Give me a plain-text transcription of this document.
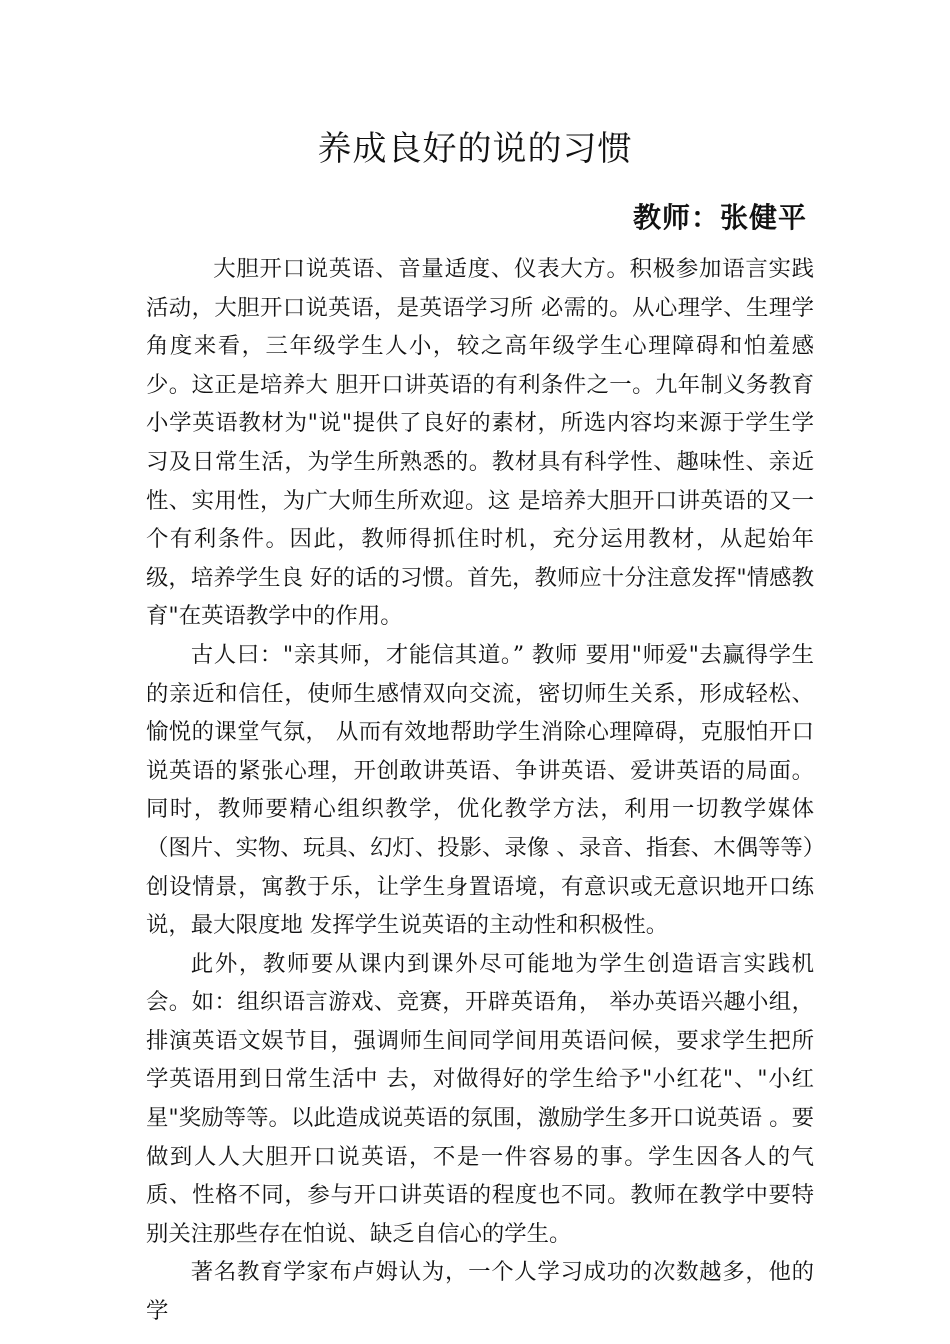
养成良好的说的习惯
教师：张健平

大胆开口说英语、音量适度、仪表大方。积极参加语言实践活动，大胆开口说英语，是英语学习所 必需的。从心理学、生理学角度来看，三年级学生人小，较之高年级学生心理障碍和怕羞感少。这正是培养大 胆开口讲英语的有利条件之一。九年制义务教育小学英语教材为"说"提供了良好的素材，所选内容均来源于学生学习及日常生活，为学生所熟悉的。教材具有科学性、趣味性、亲近性、实用性，为广大师生所欢迎。这 是培养大胆开口讲英语的又一个有利条件。因此，教师得抓住时机，充分运用教材，从起始年级，培养学生良 好的话的习惯。首先，教师应十分注意发挥"情感教育"在英语教学中的作用。

古人曰："亲其师，才能信其道。” 教师 要用"师爱"去赢得学生的亲近和信任，使师生感情双向交流，密切师生关系，形成轻松、愉悦的课堂气氛， 从而有效地帮助学生消除心理障碍，克服怕开口说英语的紧张心理，开创敢讲英语、争讲英语、爱讲英语的局面。同时，教师要精心组织教学，优化教学方法，利用一切教学媒体（图片、实物、玩具、幻灯、投影、录像 、录音、指套、木偶等等）创设情景，寓教于乐，让学生身置语境，有意识或无意识地开口练说，最大限度地 发挥学生说英语的主动性和积极性。

此外，教师要从课内到课外尽可能地为学生创造语言实践机会。如：组织语言游戏、竞赛，开辟英语角， 举办英语兴趣小组，排演英语文娱节目，强调师生间同学间用英语问候，要求学生把所学英语用到日常生活中 去，对做得好的学生给予"小红花"、"小红星"奖励等等。以此造成说英语的氛围，激励学生多开口说英语 。要做到人人大胆开口说英语，不是一件容易的事。学生因各人的气质、性格不同，参与开口讲英语的程度也不同。教师在教学中要特别关注那些存在怕说、缺乏自信心的学生。

著名教育学家布卢姆认为，一个人学习成功的次数越多，他的学
